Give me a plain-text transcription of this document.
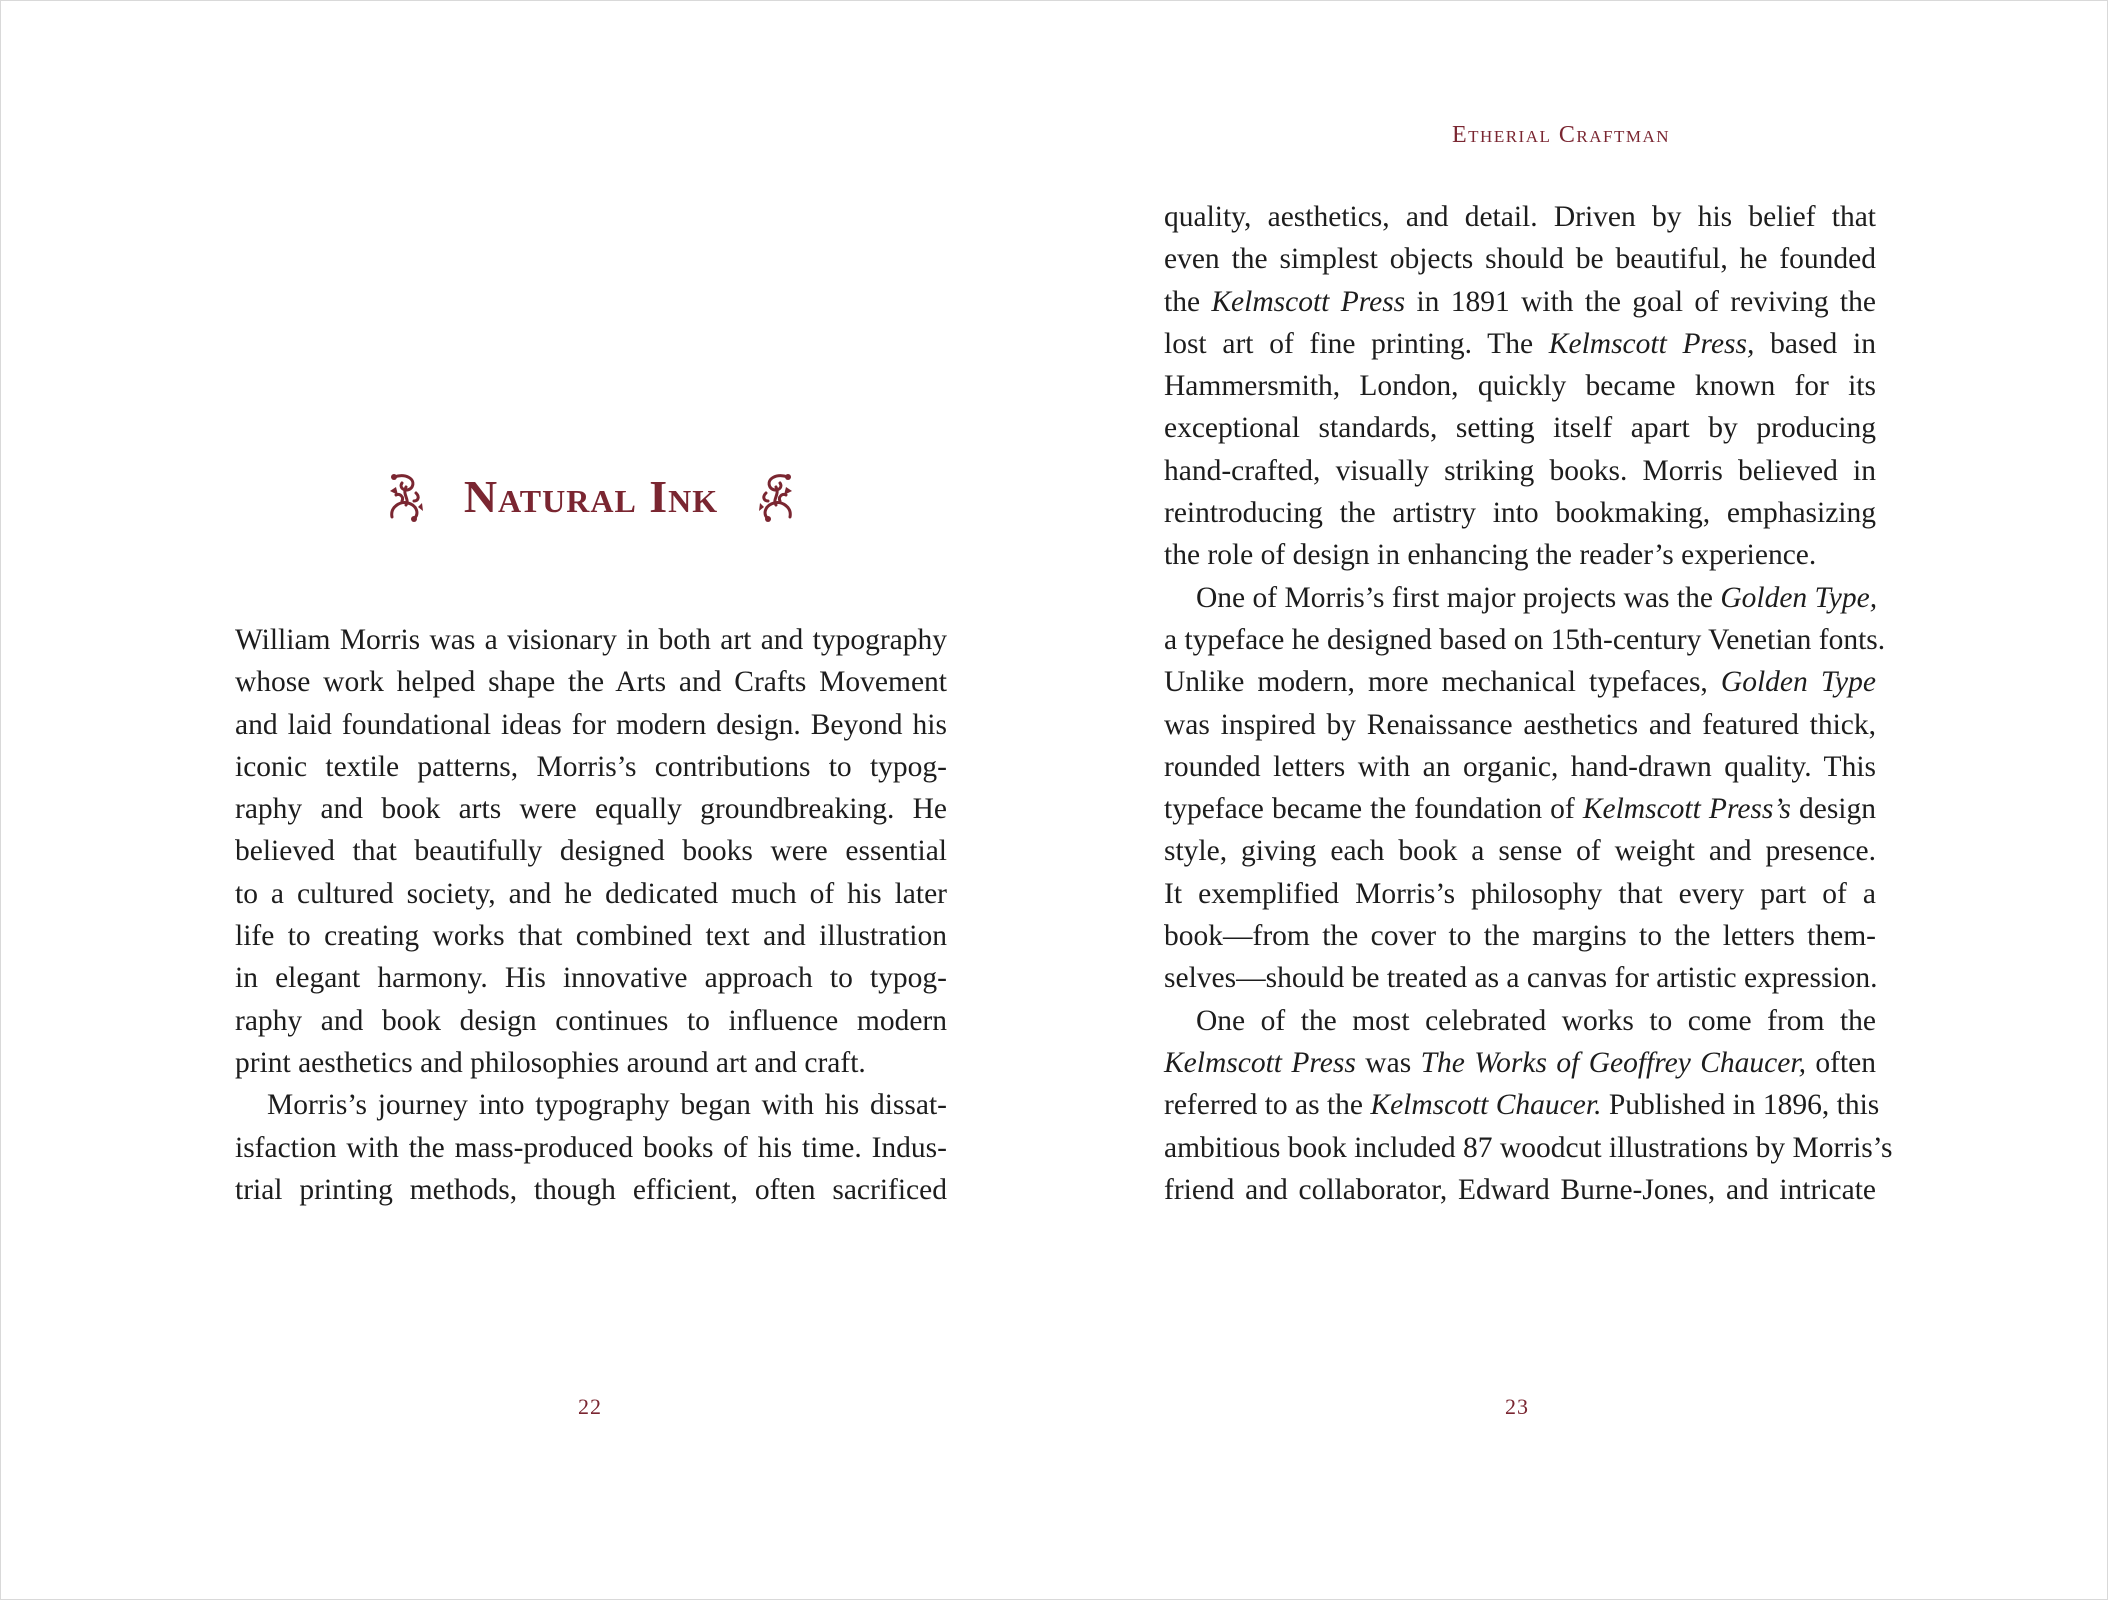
Etherial Craftman
Natural Ink

William Morris was a visionary in both art and typography
whose work helped shape the Arts and Crafts Movement
and laid foundational ideas for modern design. Beyond his
iconic textile patterns, Morris’s contributions to typog-
raphy and book arts were equally groundbreaking. He
believed that beautifully designed books were essential
to a cultured society, and he dedicated much of his later
life to creating works that combined text and illustration
in elegant harmony. His innovative approach to typog-
raphy and book design continues to influence modern
print aesthetics and philosophies around art and craft.

Morris’s journey into typography began with his dissat-
isfaction with the mass-produced books of his time. Indus-
trial printing methods, though efficient, often sacrificed

quality, aesthetics, and detail. Driven by his belief that
even the simplest objects should be beautiful, he founded
the Kelmscott Press in 1891 with the goal of reviving the
lost art of fine printing. The Kelmscott Press, based in
Hammersmith, London, quickly became known for its
exceptional standards, setting itself apart by producing
hand-crafted, visually striking books. Morris believed in
reintroducing the artistry into bookmaking, emphasizing
the role of design in enhancing the reader’s experience.

One of Morris’s first major projects was the Golden Type,
a typeface he designed based on 15th-century Venetian fonts.
Unlike modern, more mechanical typefaces, Golden Type
was inspired by Renaissance aesthetics and featured thick,
rounded letters with an organic, hand-drawn quality. This
typeface became the foundation of Kelmscott Press’s design
style, giving each book a sense of weight and presence.
It exemplified Morris’s philosophy that every part of a
book—from the cover to the margins to the letters them-
selves—should be treated as a canvas for artistic expression.

One of the most celebrated works to come from the
Kelmscott Press was The Works of Geoffrey Chaucer, often
referred to as the Kelmscott Chaucer. Published in 1896, this
ambitious book included 87 woodcut illustrations by Morris’s
friend and collaborator, Edward Burne-Jones, and intricate

22	23
